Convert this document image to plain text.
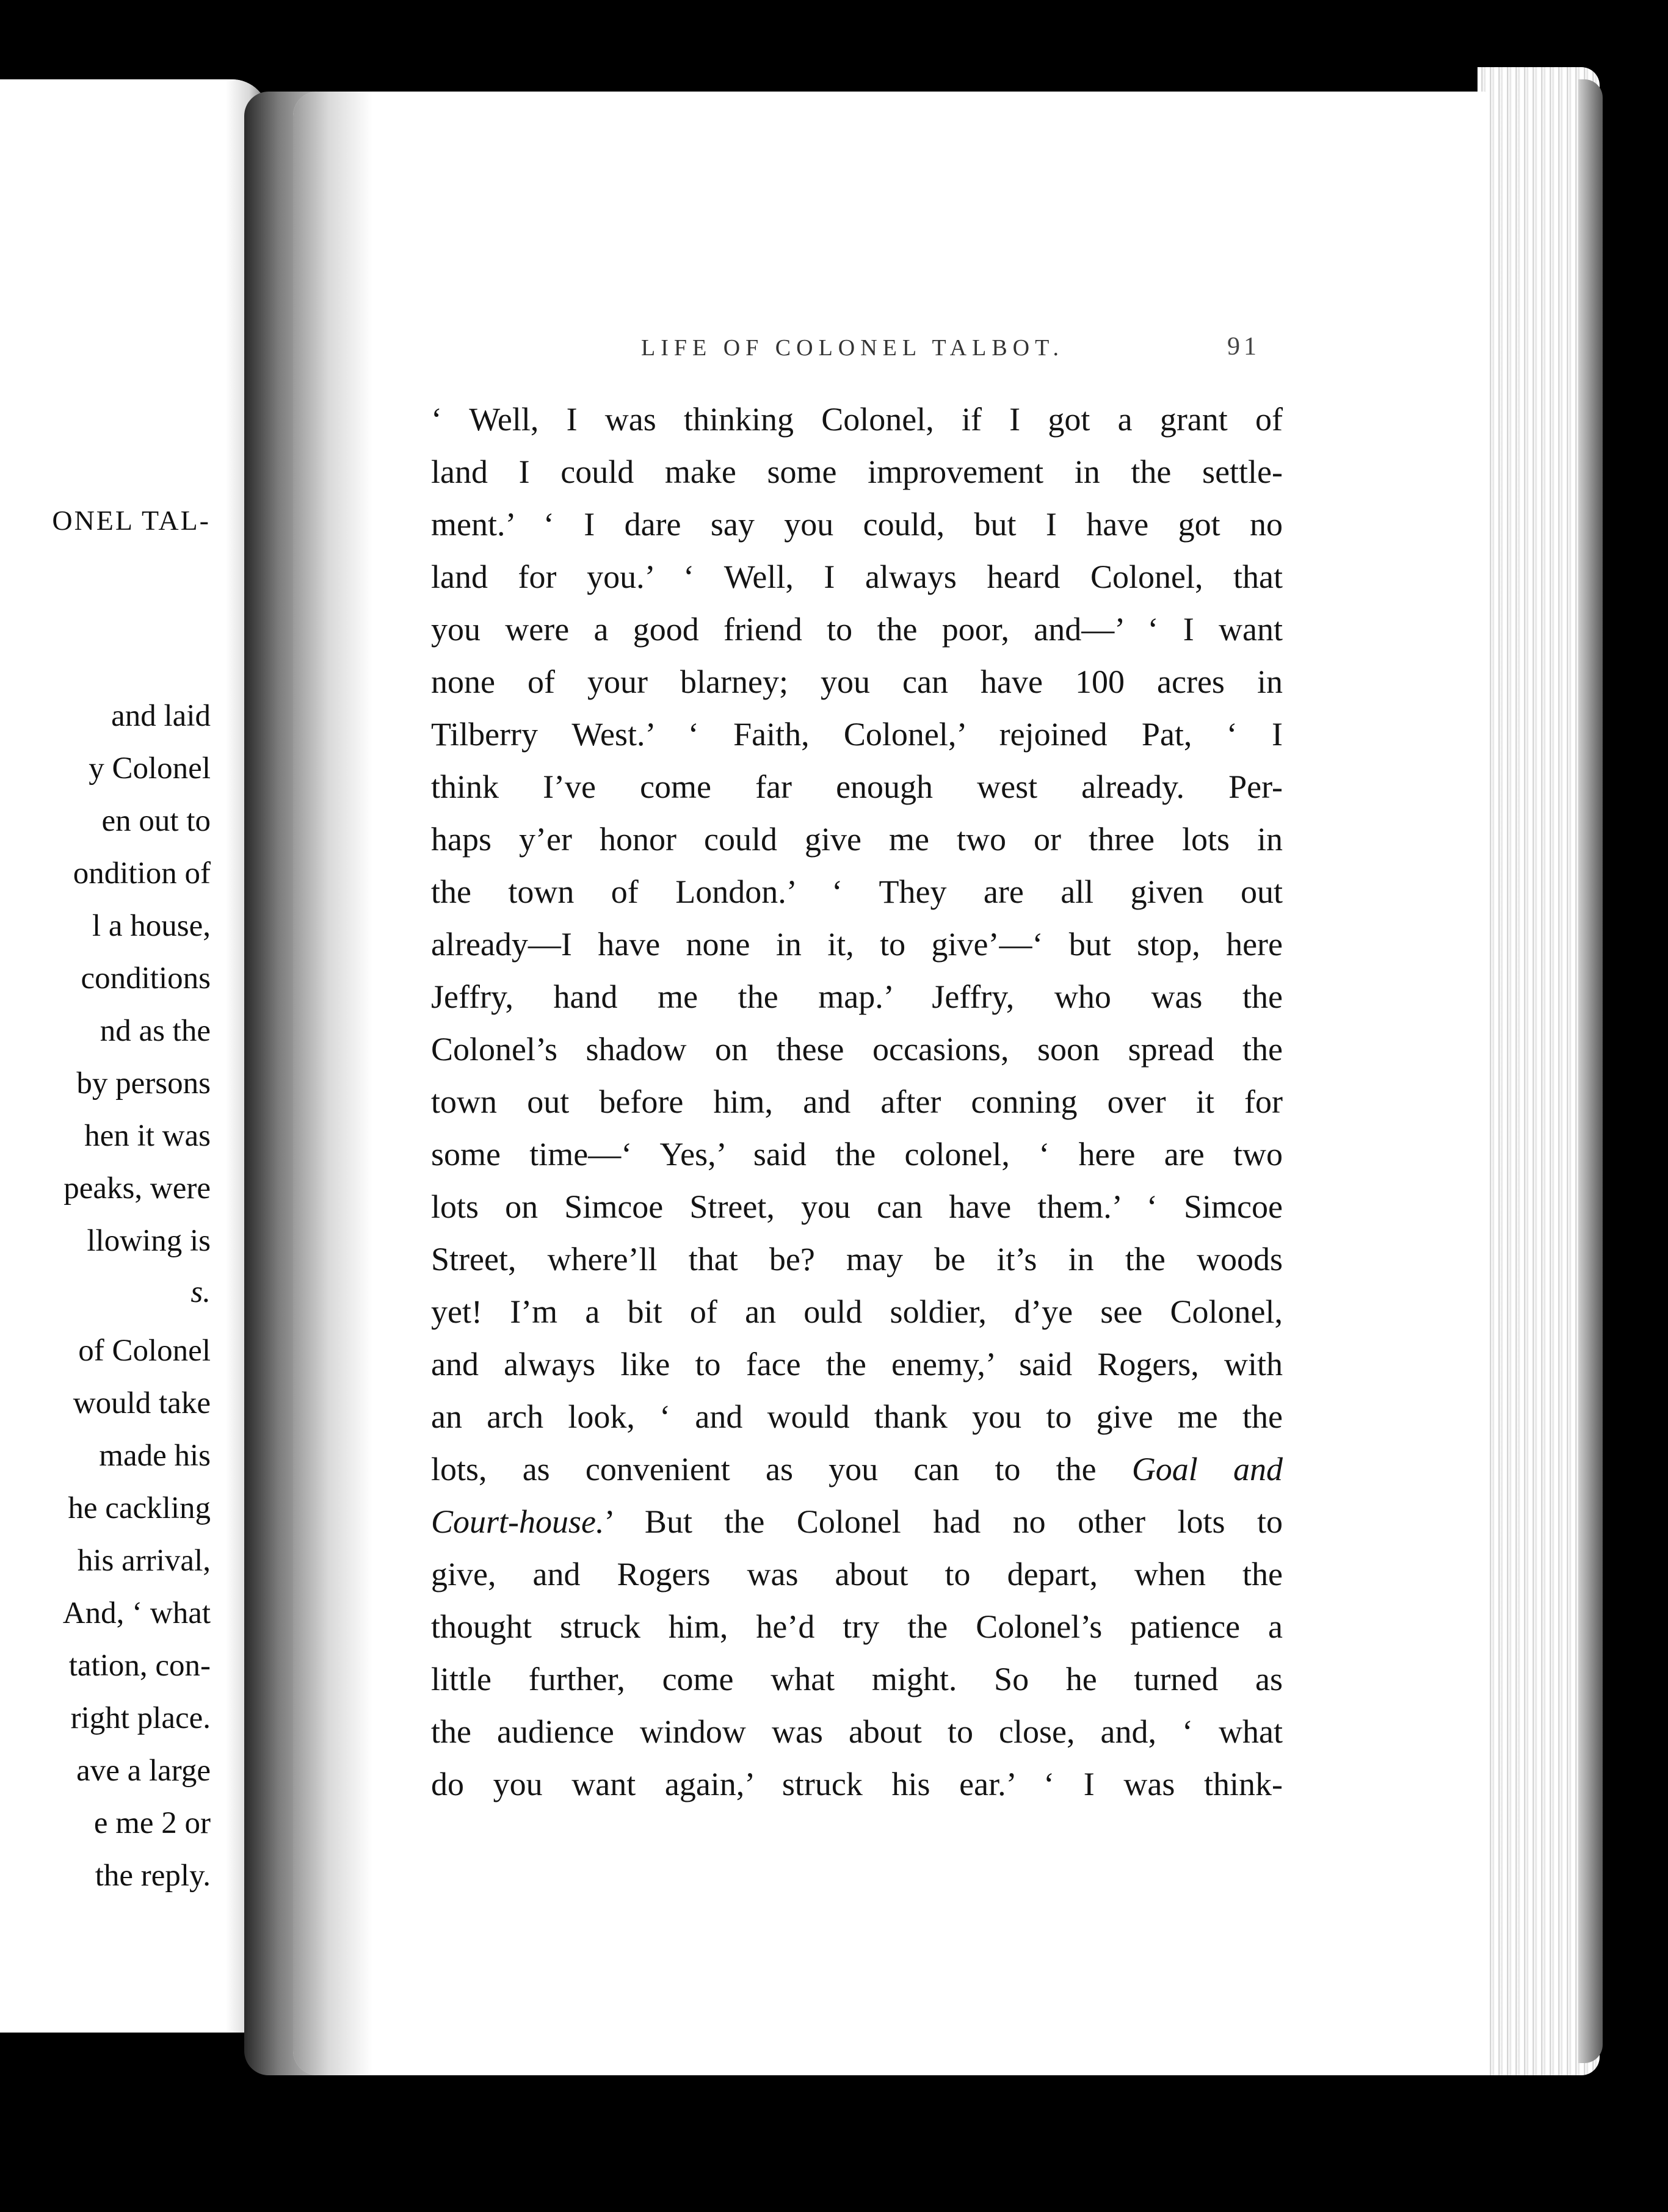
ONEL TAL-
and laid
y Colonel
en out to
ondition of
l a house,
conditions
nd as the
by persons
hen it was
peaks, were
llowing is
s.
of Colonel
would take
made his
he cackling
his arrival,
And, ‘ what
tation, con-
right place.
ave a large
e me 2 or
the reply.
LIFE OF COLONEL TALBOT.	91
‘ Well, I was thinking Colonel, if I got a grant of
land I could make some improvement in the settle-
ment.’ ‘ I dare say you could, but I have got no
land for you.’ ‘ Well, I always heard Colonel, that
you were a good friend to the poor, and—’ ‘ I want
none of your blarney; you can have 100 acres in
Tilberry West.’ ‘ Faith, Colonel,’ rejoined Pat, ‘ I
think I’ve come far enough west already. Per-
haps y’er honor could give me two or three lots in
the town of London.’ ‘ They are all given out
already—I have none in it, to give’—‘ but stop, here
Jeffry, hand me the map.’ Jeffry, who was the
Colonel’s shadow on these occasions, soon spread the
town out before him, and after conning over it for
some time—‘ Yes,’ said the colonel, ‘ here are two
lots on Simcoe Street, you can have them.’ ‘ Simcoe
Street, where’ll that be? may be it’s in the woods
yet! I’m a bit of an ould soldier, d’ye see Colonel,
and always like to face the enemy,’ said Rogers, with
an arch look, ‘ and would thank you to give me the
lots, as convenient as you can to the Goal and
Court-house.’ But the Colonel had no other lots to
give, and Rogers was about to depart, when the
thought struck him, he’d try the Colonel’s patience a
little further, come what might. So he turned as
the audience window was about to close, and, ‘ what
do you want again,’ struck his ear.’ ‘ I was think-
